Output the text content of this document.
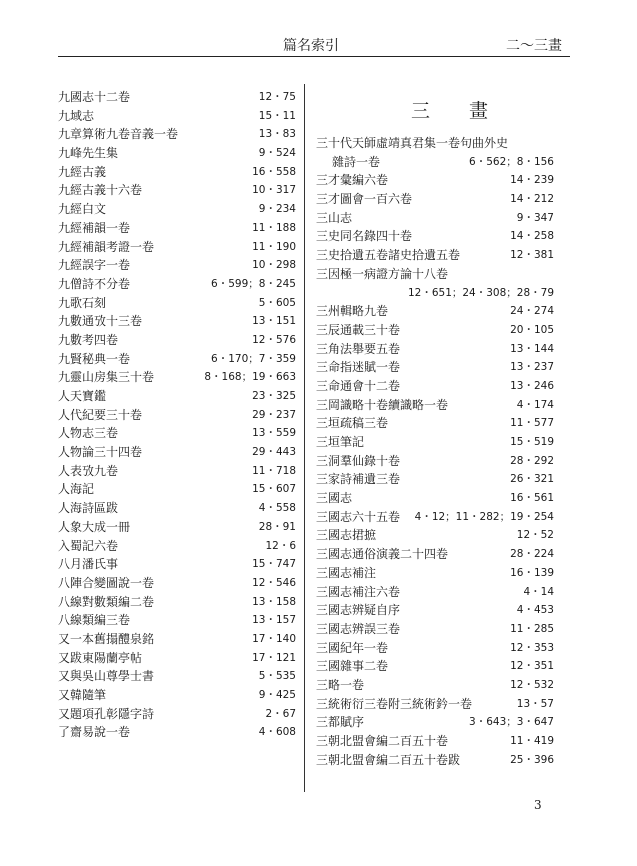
篇名索引	二～三畫
九國志十二卷	12・75
九域志	15・11
九章算術九卷音義一卷	13・83
九峰先生集	9・524
九經古義	16・558
九經古義十六卷	10・317
九經白文	9・234
九經補韻一卷	11・188
九經補韻考證一卷	11・190
九經誤字一卷	10・298
九僧詩不分卷	6・599；8・245
九歌石刻	5・605
九數通攷十三卷	13・151
九數考四卷	12・576
九賢秘典一卷	6・170；7・359
九靈山房集三十卷	8・168；19・663
人天寶鑑	23・325
人代紀要三十卷	29・237
人物志三卷	13・559
人物論三十四卷	29・443
人表攷九卷	11・718
人海記	15・607
人海詩區跋	4・558
人象大成一冊	28・91
入蜀記六卷	12・6
八月潘氏事	15・747
八陣合變圖說一卷	12・546
八線對數類編二卷	13・158
八線類編三卷	13・157
又一本舊搨醴泉銘	17・140
又跋東陽蘭亭帖	17・121
又與吳山尊學士書	5・535
又韓隨筆	9・425
又題項孔彰隱字詩	2・67
了齋易說一卷	4・608
三　畫
三十代天師虛靖真君集一卷句曲外史
雜詩一卷	6・562；8・156
三才彙編六卷	14・239
三才圖會一百六卷	14・212
三山志	9・347
三史同名錄四十卷	14・258
三史拾遺五卷諸史拾遺五卷	12・381
三因極一病證方論十八卷
12・651；24・308；28・79
三州輯略九卷	24・274
三辰通載三十卷	20・105
三角法舉要五卷	13・144
三命指迷賦一卷	13・237
三命通會十二卷	13・246
三岡識略十卷續識略一卷	4・174
三垣疏稿三卷	11・577
三垣筆記	15・519
三洞羣仙錄十卷	28・292
三家詩補遺三卷	26・321
三國志	16・561
三國志六十五卷 4・12；11・282；19・254
三國志捃摭	12・52
三國志通俗演義二十四卷	28・224
三國志補注	16・139
三國志補注六卷	4・14
三國志辨疑自序	4・453
三國志辨誤三卷	11・285
三國紀年一卷	12・353
三國雜事二卷	12・351
三略一卷	12・532
三統術衍三卷附三統術鈐一卷	13・57
三都賦序	3・643；3・647
三朝北盟會編二百五十卷	11・419
三朝北盟會編二百五十卷跋	25・396
3
